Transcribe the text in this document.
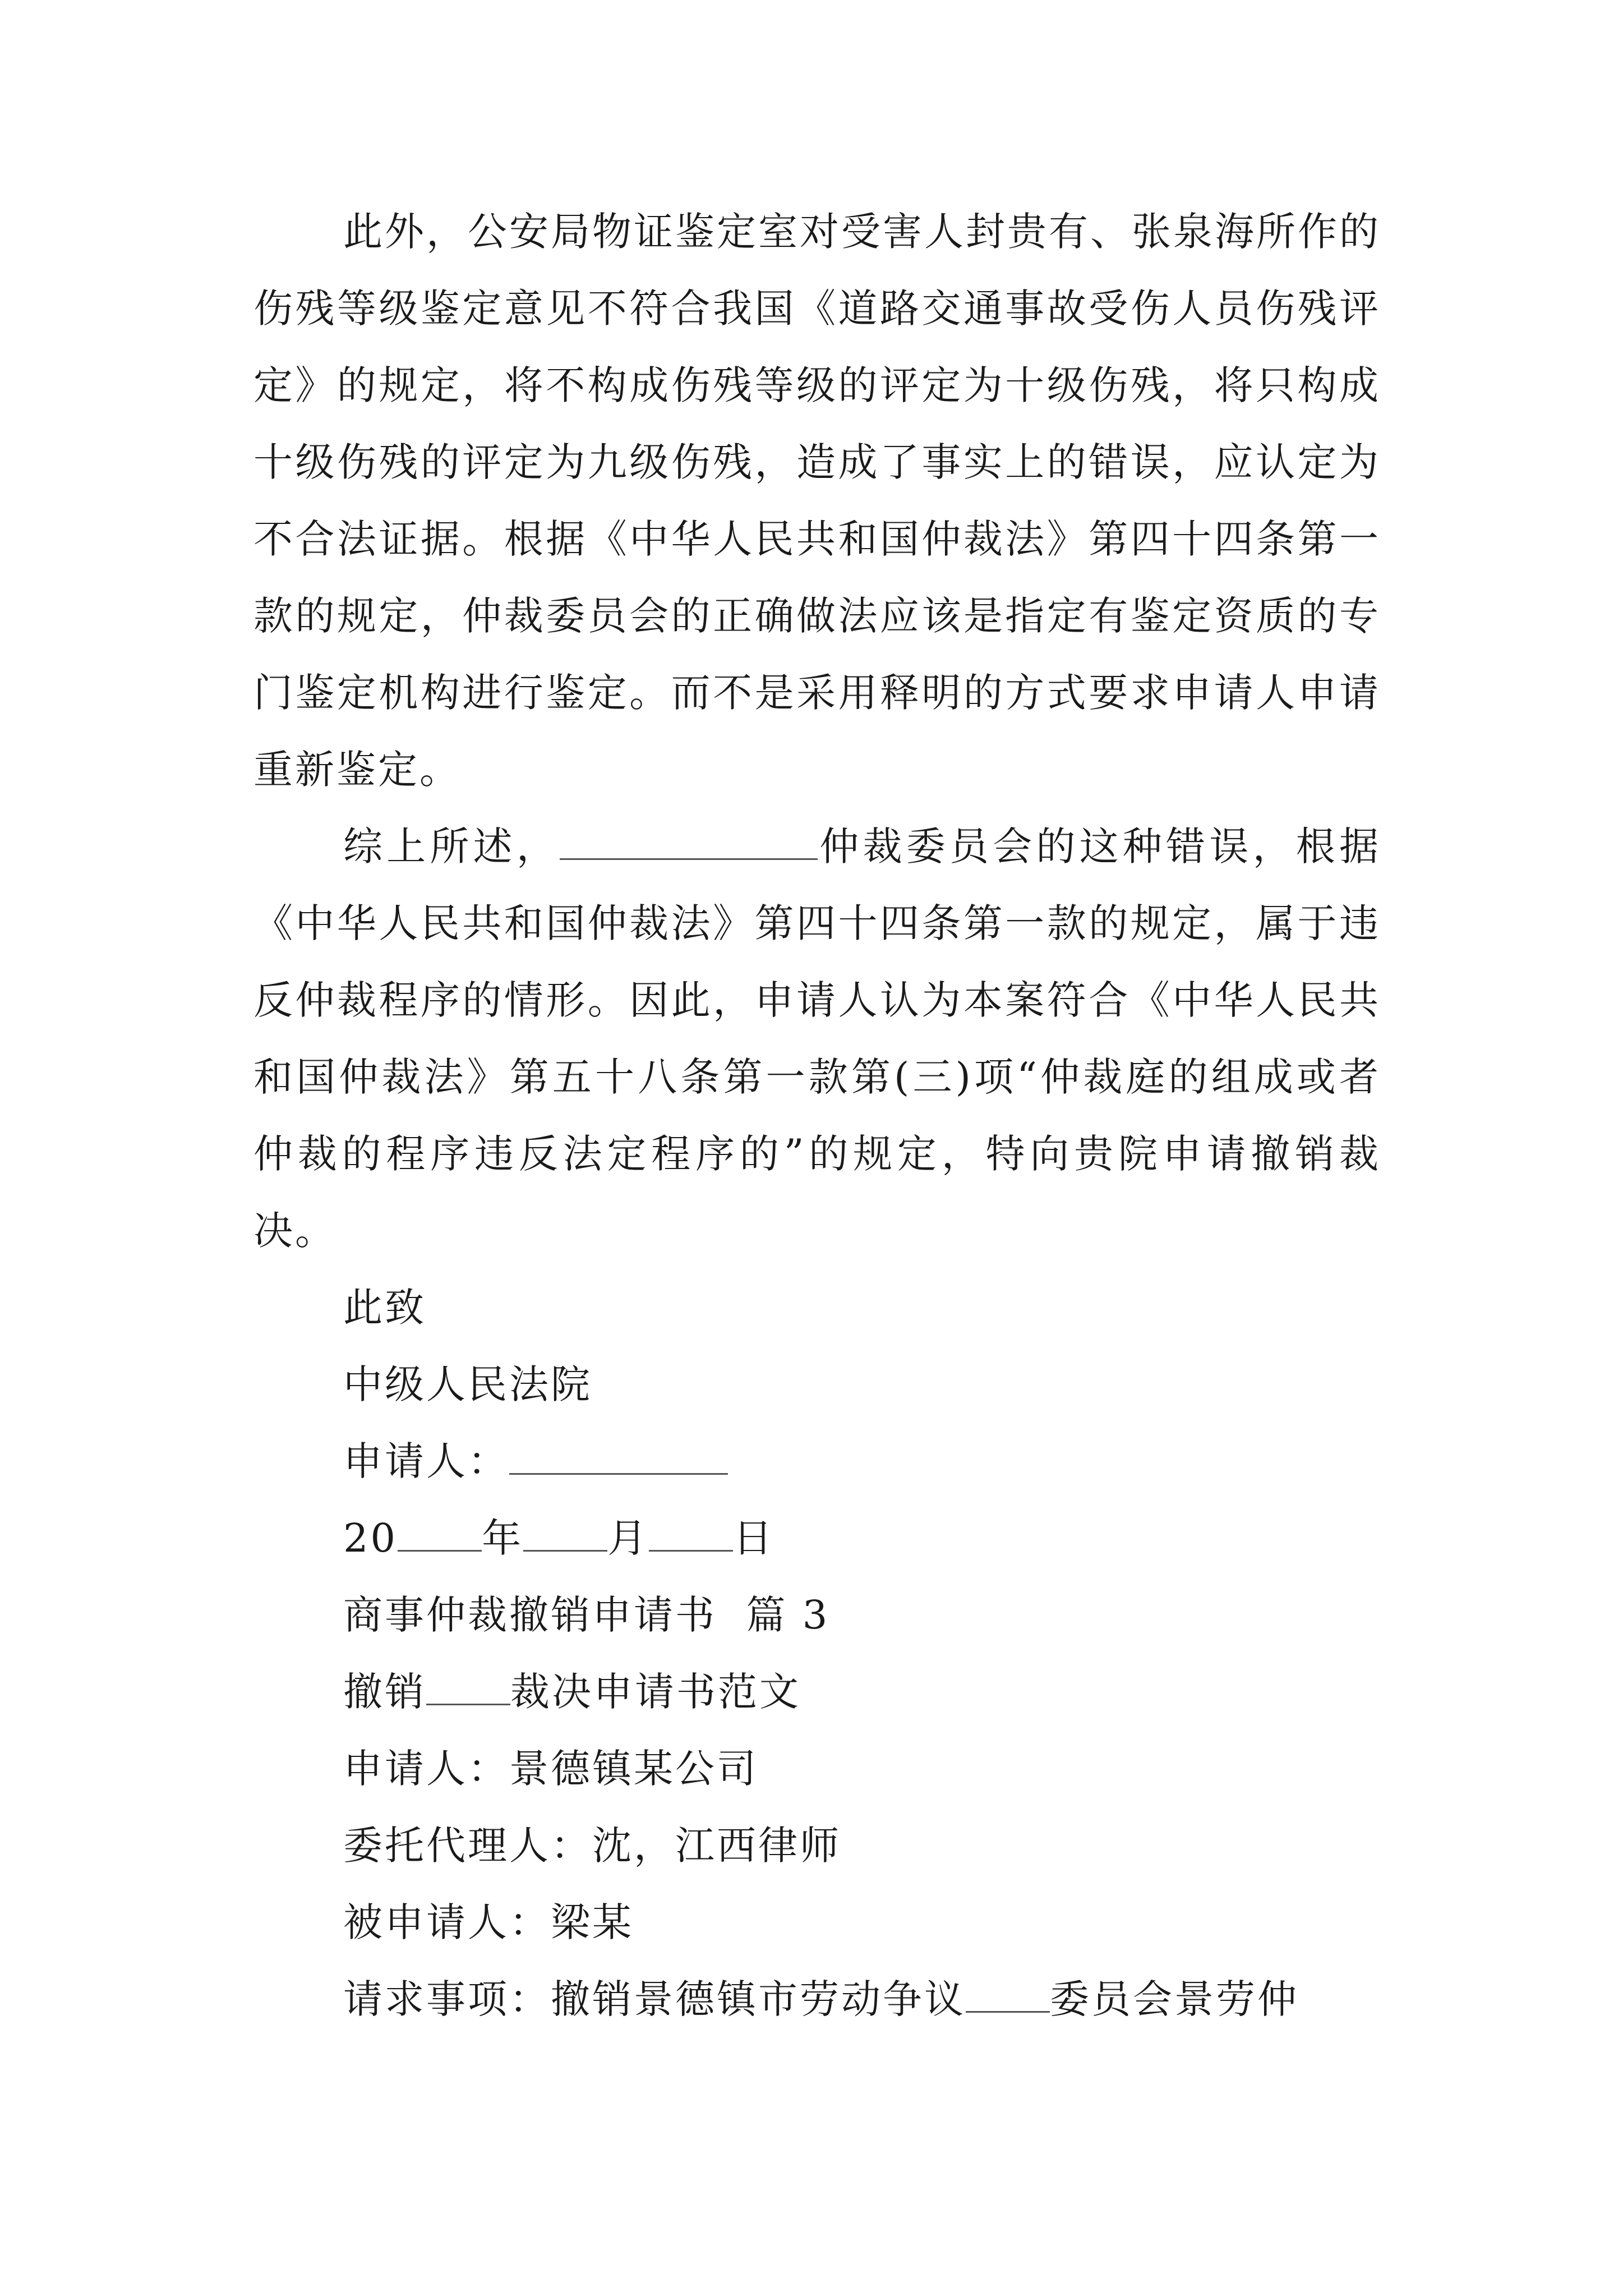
此外，公安局物证鉴定室对受害人封贵有、张泉海所作的伤残等级鉴定意见不符合我国《道路交通事故受伤人员伤残评定》的规定，将不构成伤残等级的评定为十级伤残，将只构成十级伤残的评定为九级伤残，造成了事实上的错误，应认定为不合法证据。根据《中华人民共和国仲裁法》第四十四条第一款的规定，仲裁委员会的正确做法应该是指定有鉴定资质的专门鉴定机构进行鉴定。而不是采用释明的方式要求申请人申请重新鉴定。

综上所述，	仲裁委员会的这种错误，根据《中华人民共和国仲裁法》第四十四条第一款的规定，属于违反仲裁程序的情形。因此，申请人认为本案符合《中华人民共和国仲裁法》第五十八条第一款第(三)项“仲裁庭的组成或者仲裁的程序违反法定程序的”的规定，特向贵院申请撤销裁决。

此致
中级人民法院
申请人：
20 年 月 日
商事仲裁撤销申请书  篇 3
撤销 裁决申请书范文
申请人：景德镇某公司
委托代理人：沈，江西律师
被申请人：梁某
请求事项：撤销景德镇市劳动争议 委员会景劳仲
